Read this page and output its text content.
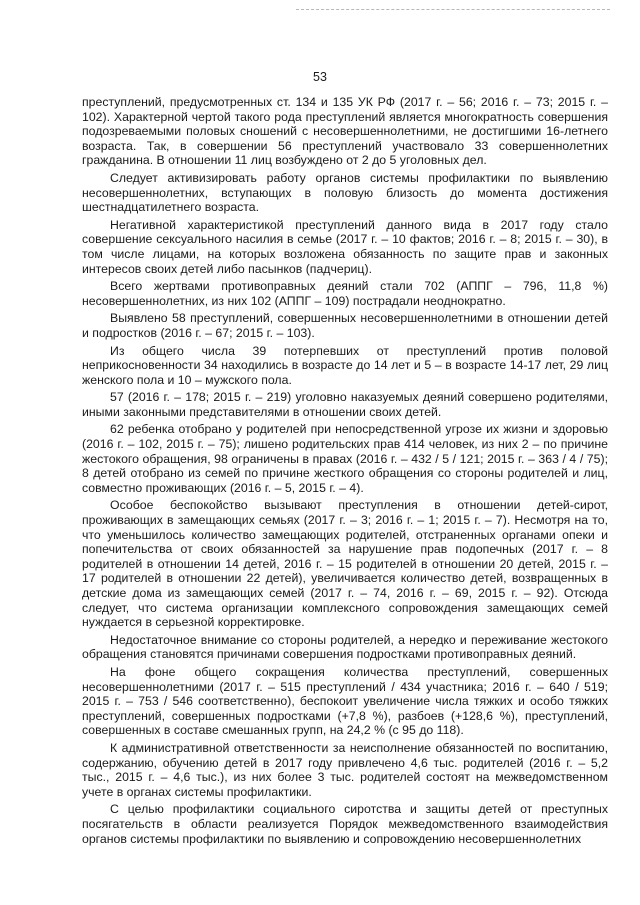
53

преступлений, предусмотренных ст. 134 и 135 УК РФ (2017 г. – 56; 2016 г. – 73; 2015 г. – 102). Характерной чертой такого рода преступлений является многократность совершения подозреваемыми половых сношений с несовершеннолетними, не достигшими 16-летнего возраста. Так, в совершении 56 преступлений участвовало 33 совершеннолетних гражданина. В отношении 11 лиц возбуждено от 2 до 5 уголовных дел.

Следует активизировать работу органов системы профилактики по выявлению несовершеннолетних, вступающих в половую близость до момента достижения шестнадцатилетнего возраста.

Негативной характеристикой преступлений данного вида в 2017 году стало совершение сексуального насилия в семье (2017 г. – 10 фактов; 2016 г. – 8; 2015 г. – 30), в том числе лицами, на которых возложена обязанность по защите прав и законных интересов своих детей либо пасынков (падчериц).

Всего жертвами противоправных деяний стали 702 (АППГ – 796, 11,8 %) несовершеннолетних, из них 102 (АППГ – 109) пострадали неоднократно.

Выявлено 58 преступлений, совершенных несовершеннолетними в отношении детей и подростков (2016 г. – 67; 2015 г. – 103).

Из общего числа 39 потерпевших от преступлений против половой неприкосновенности 34 находились в возрасте до 14 лет и 5 – в возрасте 14-17 лет, 29 лиц женского пола и 10 – мужского пола.

57 (2016 г. – 178; 2015 г. – 219) уголовно наказуемых деяний совершено родителями, иными законными представителями в отношении своих детей.

62 ребенка отобрано у родителей при непосредственной угрозе их жизни и здоровью (2016 г. – 102, 2015 г. – 75); лишено родительских прав 414 человек, из них 2 – по причине жестокого обращения, 98 ограничены в правах (2016 г. – 432 / 5 / 121; 2015 г. – 363 / 4 / 75); 8 детей отобрано из семей по причине жесткого обращения со стороны родителей и лиц, совместно проживающих (2016 г. – 5, 2015 г. – 4).

Особое беспокойство вызывают преступления в отношении детей-сирот, проживающих в замещающих семьях (2017 г. – 3; 2016 г. – 1; 2015 г. – 7). Несмотря на то, что уменьшилось количество замещающих родителей, отстраненных органами опеки и попечительства от своих обязанностей за нарушение прав подопечных (2017 г. – 8 родителей в отношении 14 детей, 2016 г. – 15 родителей в отношении 20 детей, 2015 г. – 17 родителей в отношении 22 детей), увеличивается количество детей, возвращенных в детские дома из замещающих семей (2017 г. – 74, 2016 г. – 69, 2015 г. – 92). Отсюда следует, что система организации комплексного сопровождения замещающих семей нуждается в серьезной корректировке.

Недостаточное внимание со стороны родителей, а нередко и переживание жестокого обращения становятся причинами совершения подростками противоправных деяний.

На фоне общего сокращения количества преступлений, совершенных несовершеннолетними (2017 г. – 515 преступлений / 434 участника; 2016 г. – 640 / 519; 2015 г. – 753 / 546 соответственно), беспокоит увеличение числа тяжких и особо тяжких преступлений, совершенных подростками (+7,8 %), разбоев (+128,6 %), преступлений, совершенных в составе смешанных групп, на 24,2 % (с 95 до 118).

К административной ответственности за неисполнение обязанностей по воспитанию, содержанию, обучению детей в 2017 году привлечено 4,6 тыс. родителей (2016 г. – 5,2 тыс., 2015 г. – 4,6 тыс.), из них более 3 тыс. родителей состоят на межведомственном учете в органах системы профилактики.

С целью профилактики социального сиротства и защиты детей от преступных посягательств в области реализуется Порядок межведомственного взаимодействия органов системы профилактики по выявлению и сопровождению несовершеннолетних
